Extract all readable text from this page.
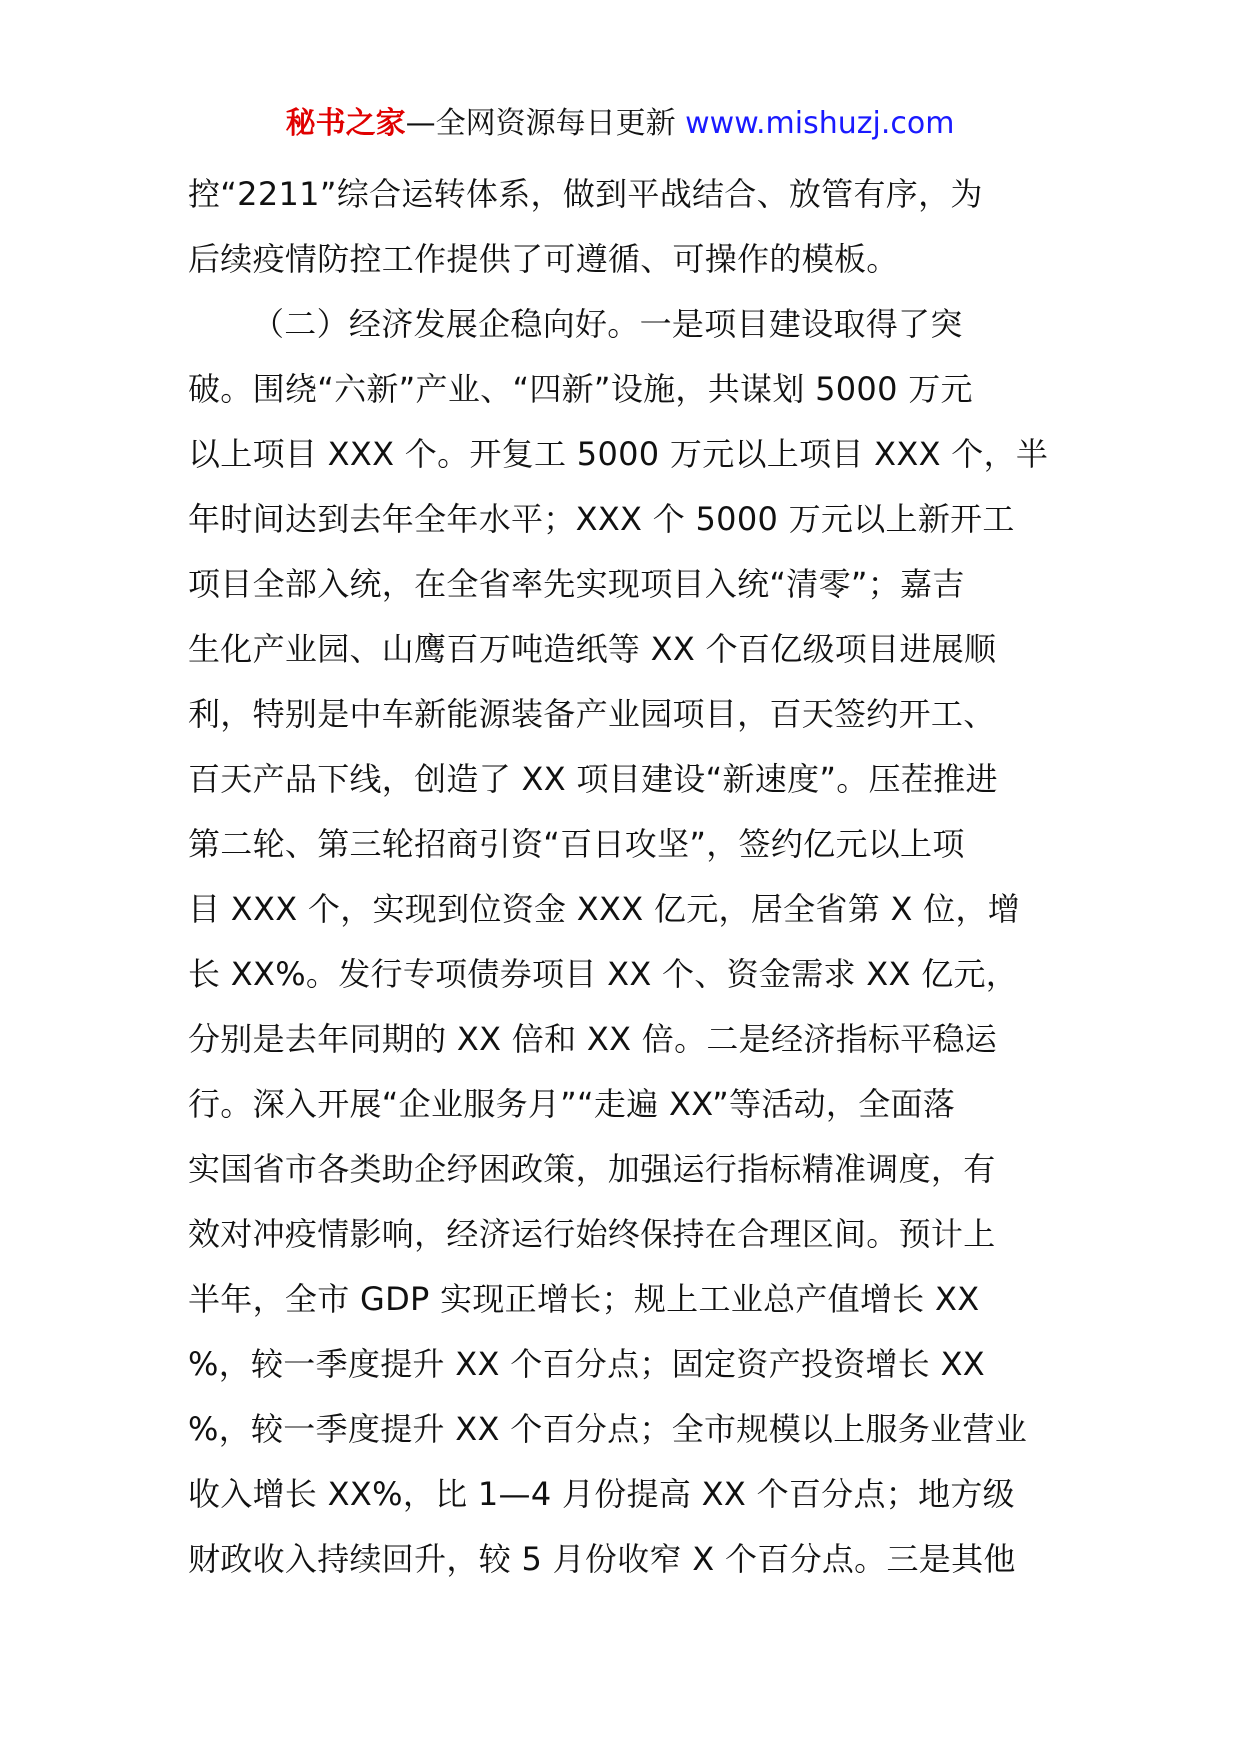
秘书之家—全网资源每日更新 www.mishuzj.com
控“2211”综合运转体系，做到平战结合、放管有序，为
后续疫情防控工作提供了可遵循、可操作的模板。
（二）经济发展企稳向好。一是项目建设取得了突
破。围绕“六新”产业、“四新”设施，共谋划 5000 万元
以上项目 XXX 个。开复工 5000 万元以上项目 XXX 个，半
年时间达到去年全年水平；XXX 个 5000 万元以上新开工
项目全部入统，在全省率先实现项目入统“清零”；嘉吉
生化产业园、山鹰百万吨造纸等 XX 个百亿级项目进展顺
利，特别是中车新能源装备产业园项目，百天签约开工、
百天产品下线，创造了 XX 项目建设“新速度”。压茬推进
第二轮、第三轮招商引资“百日攻坚”，签约亿元以上项
目 XXX 个，实现到位资金 XXX 亿元，居全省第 X 位，增
长 XX%。发行专项债券项目 XX 个、资金需求 XX 亿元，
分别是去年同期的 XX 倍和 XX 倍。二是经济指标平稳运
行。深入开展“企业服务月”“走遍 XX”等活动，全面落
实国省市各类助企纾困政策，加强运行指标精准调度，有
效对冲疫情影响，经济运行始终保持在合理区间。预计上
半年，全市 GDP 实现正增长；规上工业总产值增长 XX
%，较一季度提升 XX 个百分点；固定资产投资增长 XX
%，较一季度提升 XX 个百分点；全市规模以上服务业营业
收入增长 XX%，比 1—4 月份提高 XX 个百分点；地方级
财政收入持续回升，较 5 月份收窄 X 个百分点。三是其他
